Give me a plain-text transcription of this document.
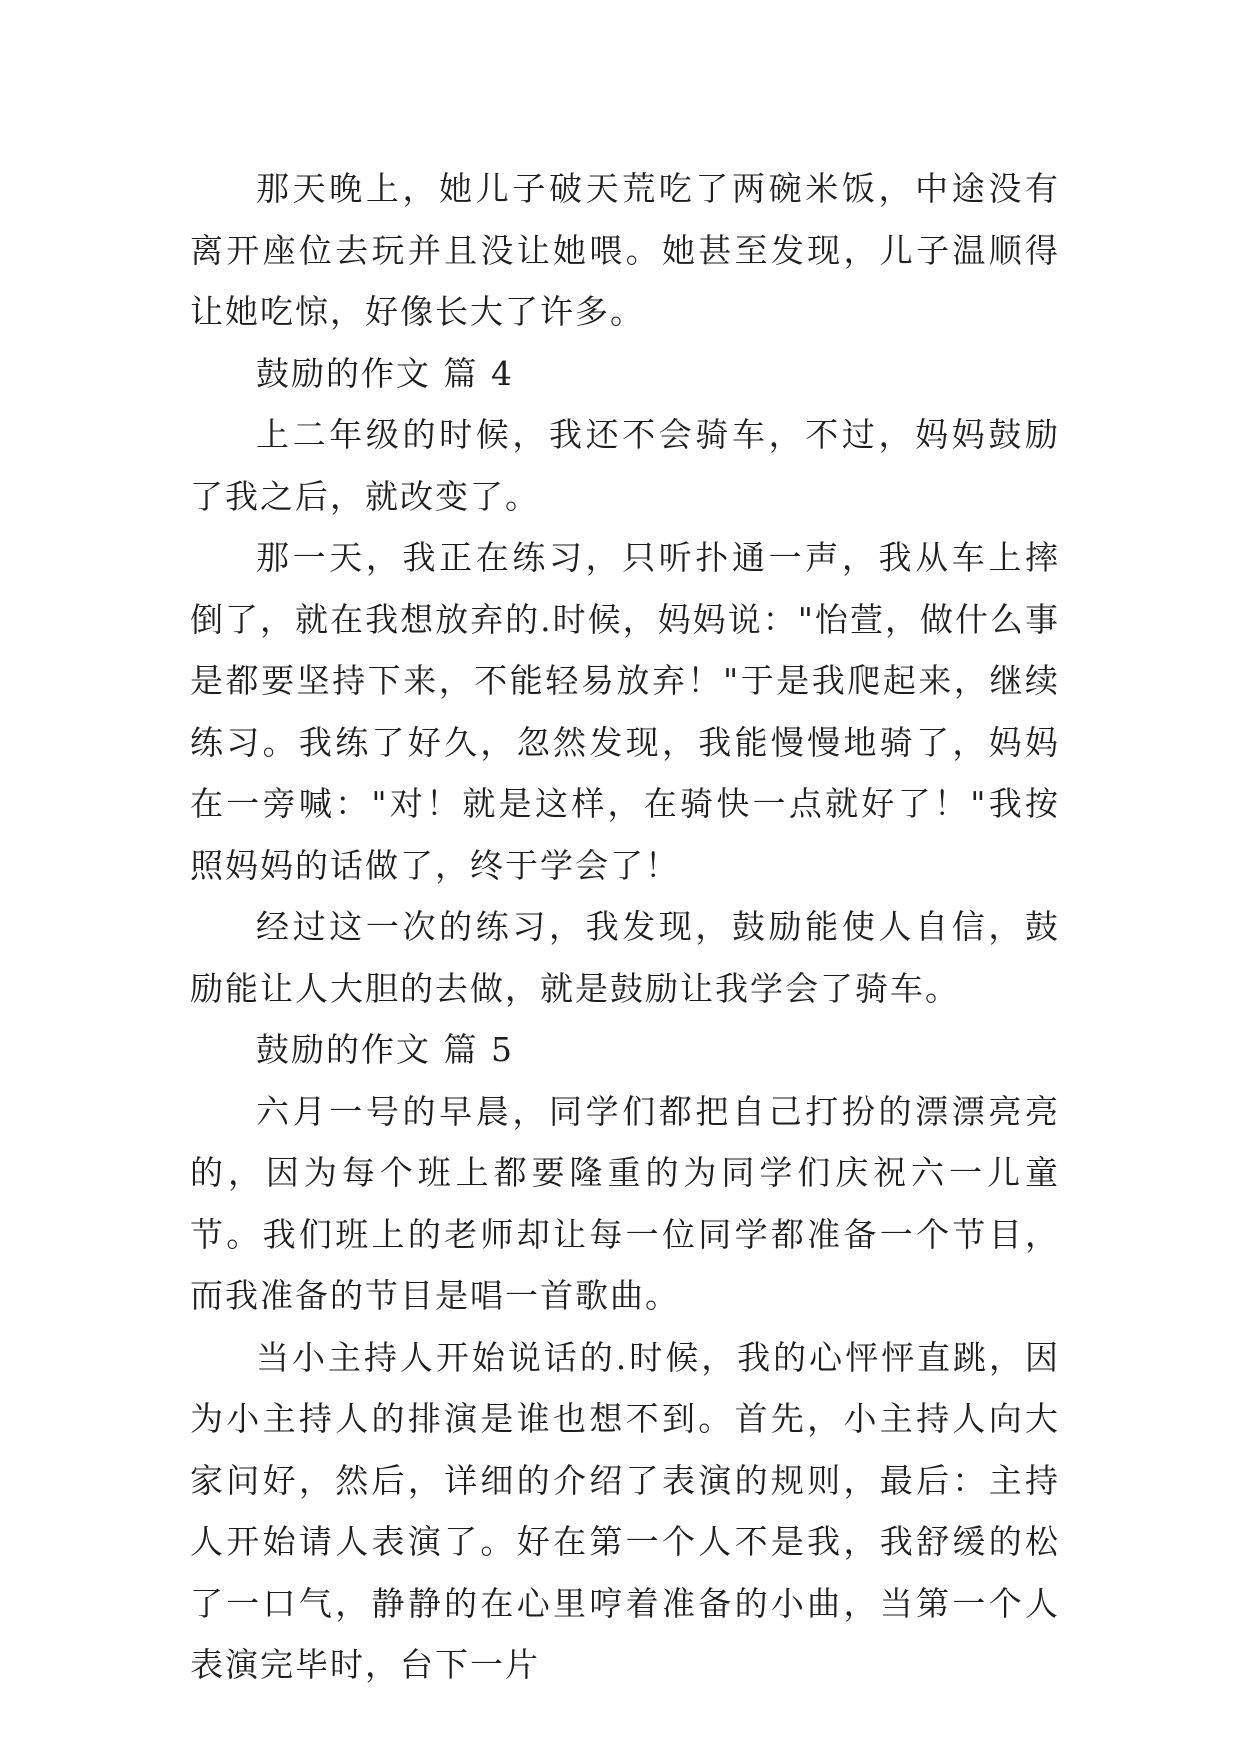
那天晚上，她儿子破天荒吃了两碗米饭，中途没有离开座位去玩并且没让她喂。她甚至发现，儿子温顺得让她吃惊，好像长大了许多。

鼓励的作文 篇 4

上二年级的时候，我还不会骑车，不过，妈妈鼓励了我之后，就改变了。

那一天，我正在练习，只听扑通一声，我从车上摔倒了，就在我想放弃的.时候，妈妈说："怡萱，做什么事是都要坚持下来，不能轻易放弃！"于是我爬起来，继续练习。我练了好久，忽然发现，我能慢慢地骑了，妈妈在一旁喊："对！就是这样，在骑快一点就好了！"我按照妈妈的话做了，终于学会了！

经过这一次的练习，我发现，鼓励能使人自信，鼓励能让人大胆的去做，就是鼓励让我学会了骑车。

鼓励的作文 篇 5

六月一号的早晨，同学们都把自己打扮的漂漂亮亮的，因为每个班上都要隆重的为同学们庆祝六一儿童节。我们班上的老师却让每一位同学都准备一个节目，而我准备的节目是唱一首歌曲。

当小主持人开始说话的.时候，我的心怦怦直跳，因为小主持人的排演是谁也想不到。首先，小主持人向大家问好，然后，详细的介绍了表演的规则，最后：主持人开始请人表演了。好在第一个人不是我，我舒缓的松了一口气，静静的在心里哼着准备的小曲，当第一个人表演完毕时，台下一片
